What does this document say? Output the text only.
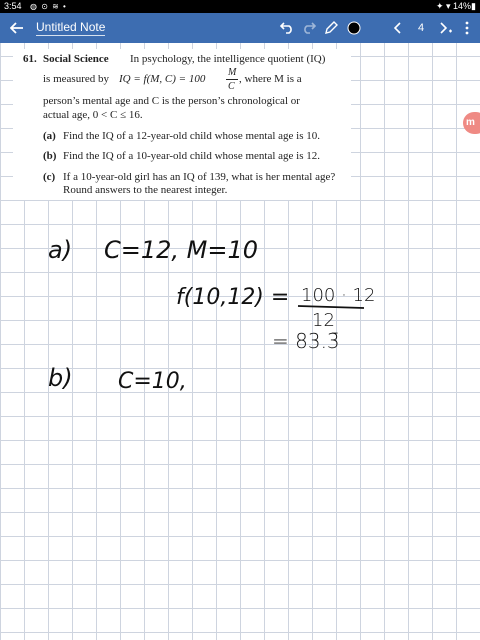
3:54 ◍ ⊙ ≋ •	✦ ▾ 14%▮
Untitled Note	4
61. Social Science In psychology, the intelligence quotient (IQ)
is measured by IQ = f(M, C) = 100
M
C
, where M is a
person’s mental age and C is the person’s chronological or
actual age, 0 < C ≤ 16.
(a) Find the IQ of a 12-year-old child whose mental age is 10.
(b) Find the IQ of a 10-year-old child whose mental age is 12.
(c) If a 10-year-old girl has an IQ of 139, what is her mental age?
Round answers to the nearest integer.
m
a) C=12, M=10
f(10,12) = 100 · 12
12
= 83.3̄
b) C=10,
